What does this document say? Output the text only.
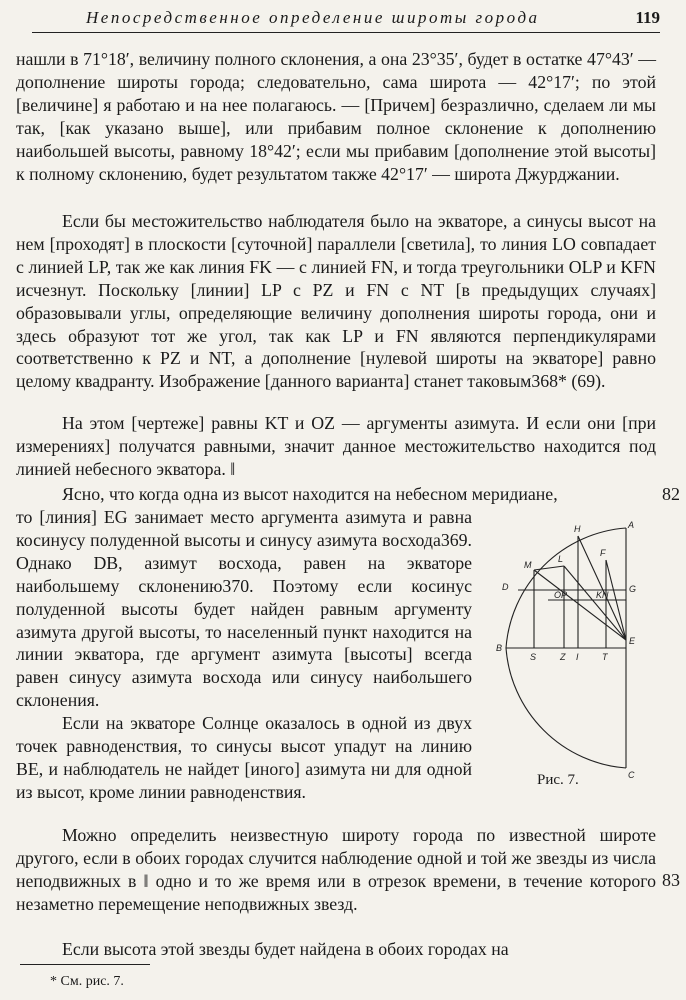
Непосредственное определение широты города	119

нашли в 71°18′, величину полного склонения, а она 23°35′, будет в остатке 47°43′ — дополнение широты города; следовательно, сама широта — 42°17′; по этой [величине] я работаю и на нее полагаюсь. — [Причем] безразлично, сделаем ли мы так, [как указано выше], или прибавим полное склонение к дополнению наибольшей высоты, равному 18°42′; если мы прибавим [дополнение этой высоты] к полному склонению, будет результатом также 42°17′ — широта Джурджании.

Если бы местожительство наблюдателя было на экваторе, а синусы высот на нем [проходят] в плоскости [суточной] параллели [светила], то линия LO совпадает с линией LP, так же как линия FK — с линией FN, и тогда треугольники OLP и KFN исчезнут. Поскольку [линии] LP с PZ и FN с NT [в предыдущих случаях] образовывали углы, определяющие величину дополнения широты города, они и здесь образуют тот же угол, так как LP и FN являются перпендикулярами соответственно к PZ и NT, а дополнение [нулевой широты на экваторе] равно целому квадранту. Изображение [данного варианта] станет таковым368* (69).

На этом [чертеже] равны KT и OZ — аргументы азимута. И если они [при измерениях] получатся равными, значит данное местожительство находится под линией небесного экватора. ‖

Ясно, что когда одна из высот находится на небесном меридиане,

то [линия] EG занимает место аргумента азимута и равна косинусу полуденной высоты и синусу азимута восхода369. Однако DB, азимут восхода, равен на экваторе наибольшему склонению370. Поэтому если косинус полуденной высоты будет найден равным аргументу азимута другой высоты, то населенный пункт находится на линии экватора, где аргумент азимута [высоты] всегда равен синусу азимута восхода или синусу наибольшего склонения.

Если на экваторе Солнце оказалось в одной из двух точек равноденствия, то синусы высот упадут на линию BE, и наблюдатель не найдет [иного] азимута ни для одной из высот, кроме линии равноденствия.

Можно определить неизвестную широту города по известной широте другого, если в обоих городах случится наблюдение одной и той же звезды из числа неподвижных в ‖ одно и то же время или в отрезок времени, в течение которого незаметно перемещение неподвижных звезд.

Если высота этой звезды будет найдена в обоих городах на

82
83
A
H
M
L
F
D
OP	KN
G
B
S	Z I	T
E
C
Рис. 7.
* См. рис. 7.
